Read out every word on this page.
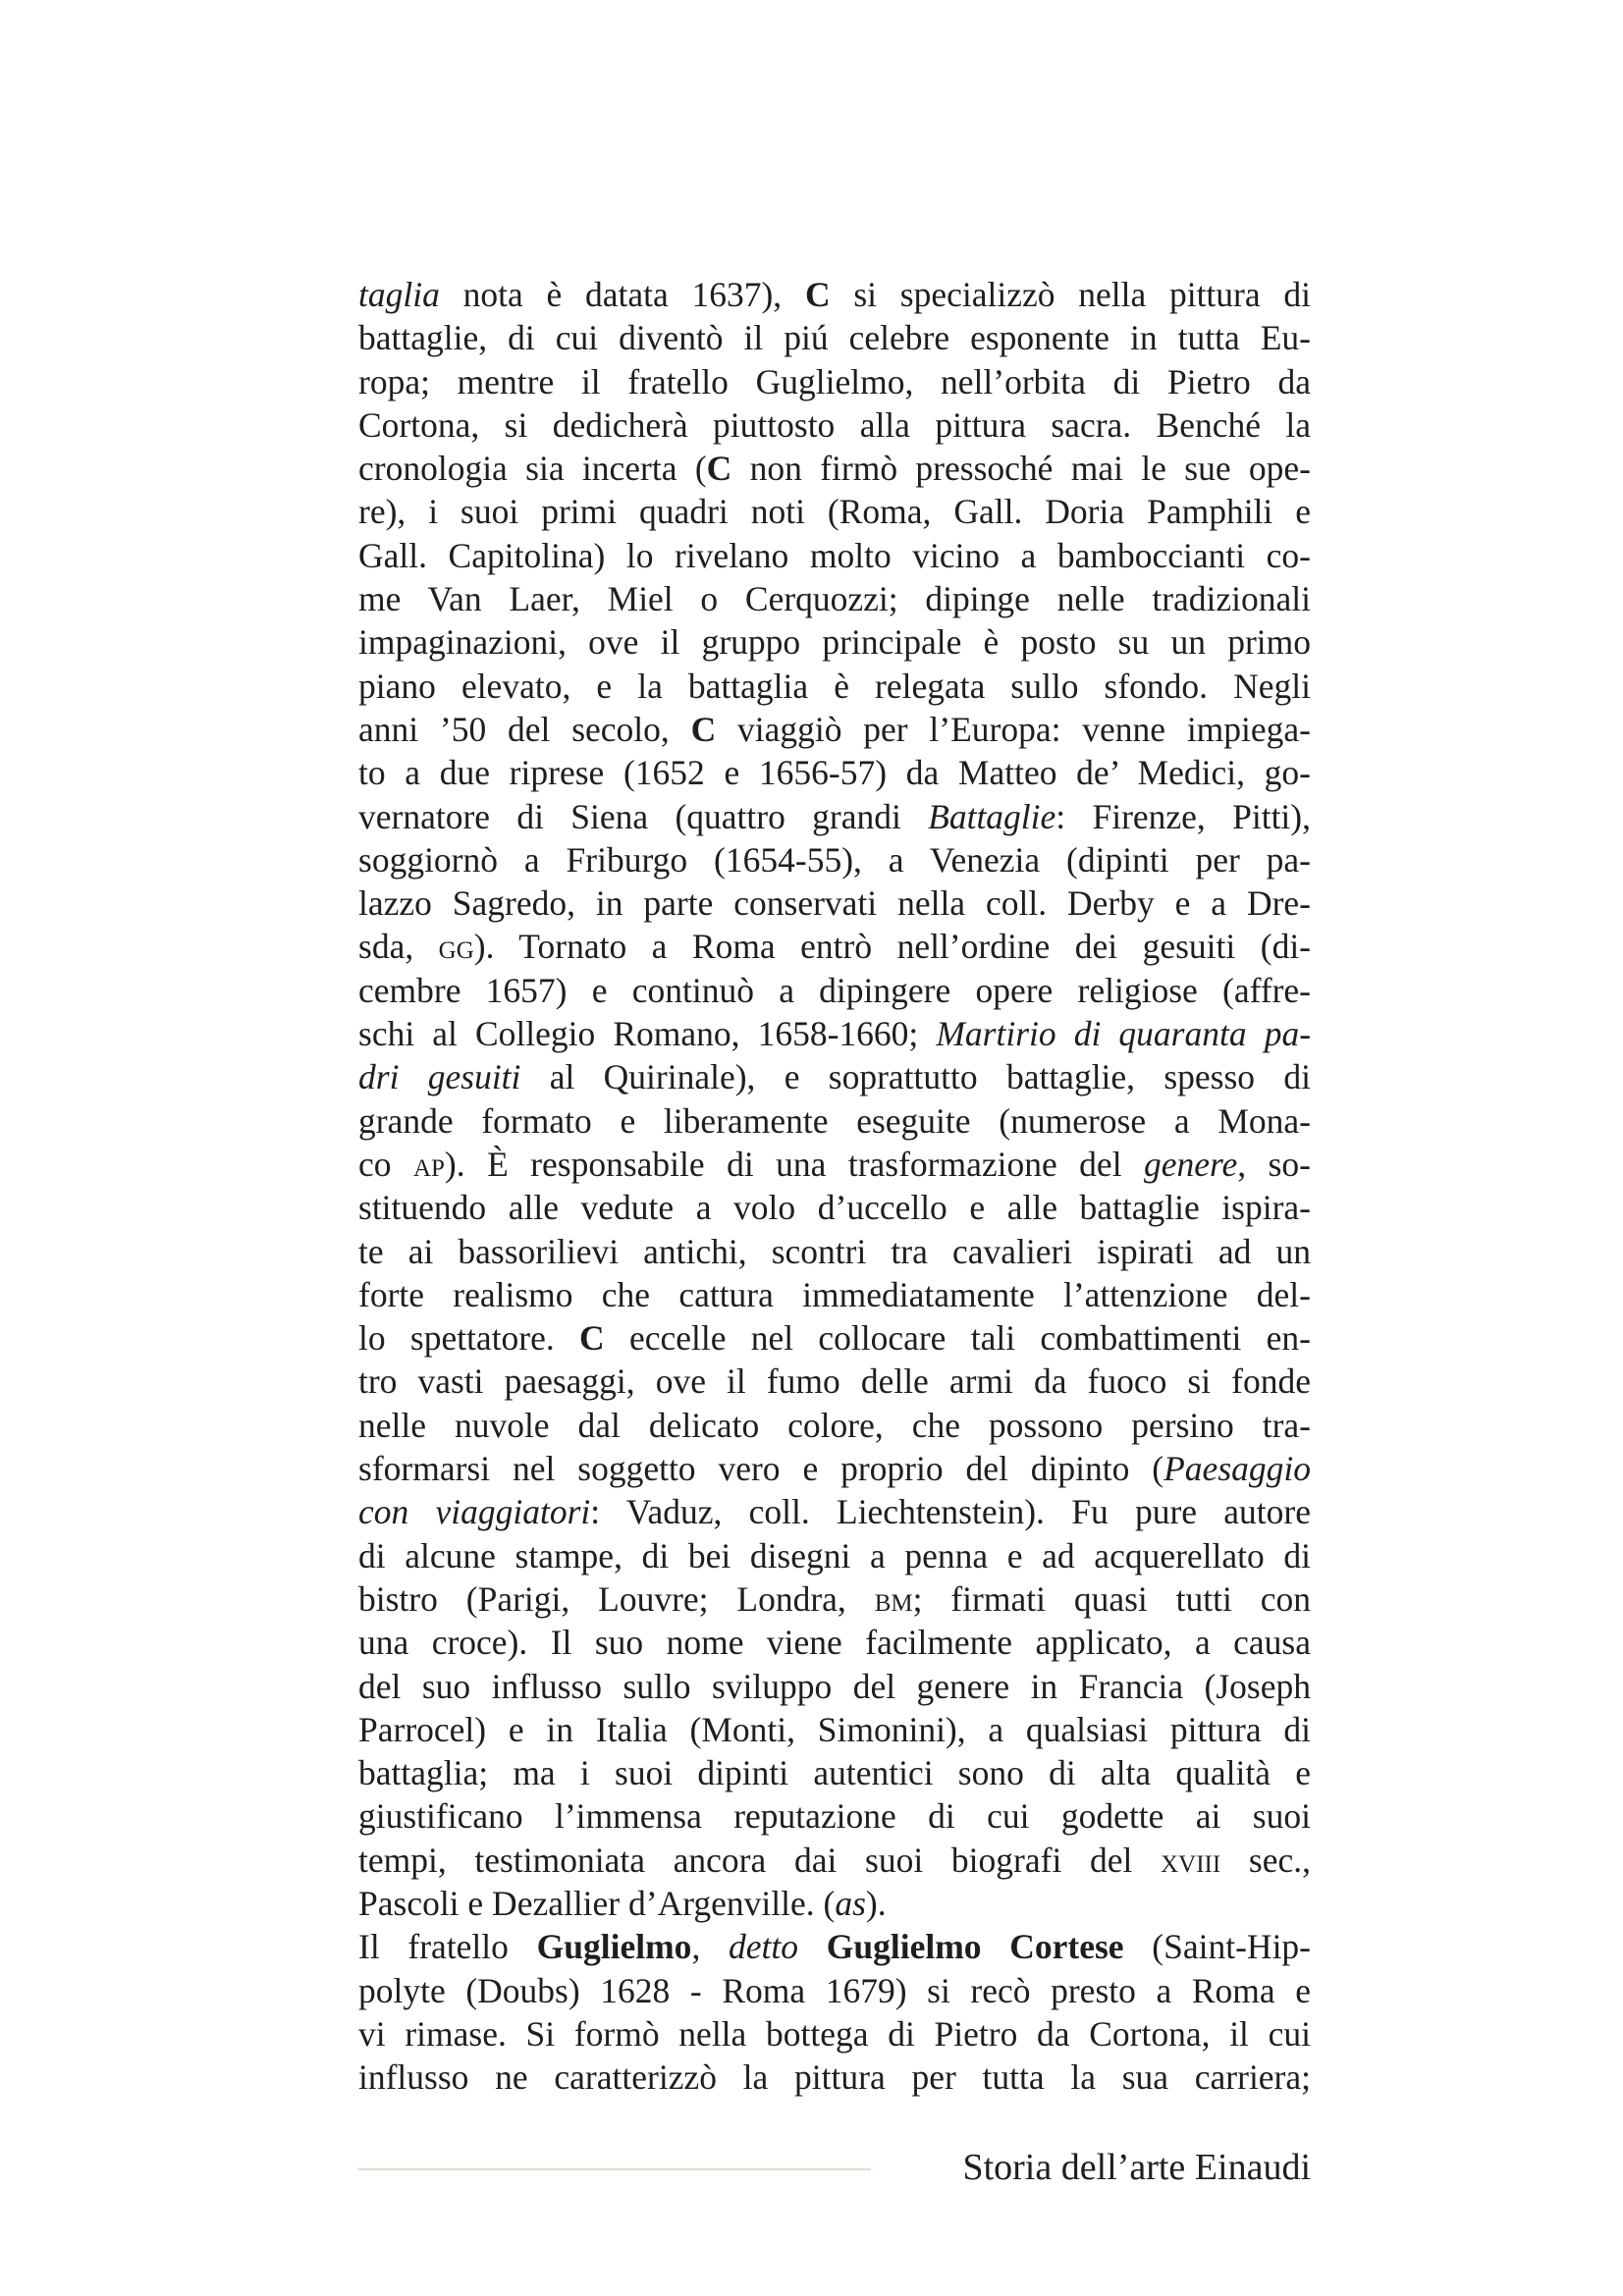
taglia nota è datata 1637), C si specializzò nella pittura di
battaglie, di cui diventò il piú celebre esponente in tutta Eu-
ropa; mentre il fratello Guglielmo, nell’orbita di Pietro da
Cortona, si dedicherà piuttosto alla pittura sacra. Benché la
cronologia sia incerta (C non firmò pressoché mai le sue ope-
re), i suoi primi quadri noti (Roma, Gall. Doria Pamphili e
Gall. Capitolina) lo rivelano molto vicino a bamboccianti co-
me Van Laer, Miel o Cerquozzi; dipinge nelle tradizionali
impaginazioni, ove il gruppo principale è posto su un primo
piano elevato, e la battaglia è relegata sullo sfondo. Negli
anni ’50 del secolo, C viaggiò per l’Europa: venne impiega-
to a due riprese (1652 e 1656-57) da Matteo de’ Medici, go-
vernatore di Siena (quattro grandi Battaglie: Firenze, Pitti),
soggiornò a Friburgo (1654-55), a Venezia (dipinti per pa-
lazzo Sagredo, in parte conservati nella coll. Derby e a Dre-
sda, gg). Tornato a Roma entrò nell’ordine dei gesuiti (di-
cembre 1657) e continuò a dipingere opere religiose (affre-
schi al Collegio Romano, 1658-1660; Martirio di quaranta pa-
dri gesuiti al Quirinale), e soprattutto battaglie, spesso di
grande formato e liberamente eseguite (numerose a Mona-
co ap). È responsabile di una trasformazione del genere, so-
stituendo alle vedute a volo d’uccello e alle battaglie ispira-
te ai bassorilievi antichi, scontri tra cavalieri ispirati ad un
forte realismo che cattura immediatamente l’attenzione del-
lo spettatore. C eccelle nel collocare tali combattimenti en-
tro vasti paesaggi, ove il fumo delle armi da fuoco si fonde
nelle nuvole dal delicato colore, che possono persino tra-
sformarsi nel soggetto vero e proprio del dipinto (Paesaggio
con viaggiatori: Vaduz, coll. Liechtenstein). Fu pure autore
di alcune stampe, di bei disegni a penna e ad acquerellato di
bistro (Parigi, Louvre; Londra, bm; firmati quasi tutti con
una croce). Il suo nome viene facilmente applicato, a causa
del suo influsso sullo sviluppo del genere in Francia (Joseph
Parrocel) e in Italia (Monti, Simonini), a qualsiasi pittura di
battaglia; ma i suoi dipinti autentici sono di alta qualità e
giustificano l’immensa reputazione di cui godette ai suoi
tempi, testimoniata ancora dai suoi biografi del xviii sec.,
Pascoli e Dezallier d’Argenville. (as).
Il fratello Guglielmo, detto Guglielmo Cortese (Saint-Hip-
polyte (Doubs) 1628 - Roma 1679) si recò presto a Roma e
vi rimase. Si formò nella bottega di Pietro da Cortona, il cui
influsso ne caratterizzò la pittura per tutta la sua carriera;
Storia dell’arte Einaudi
